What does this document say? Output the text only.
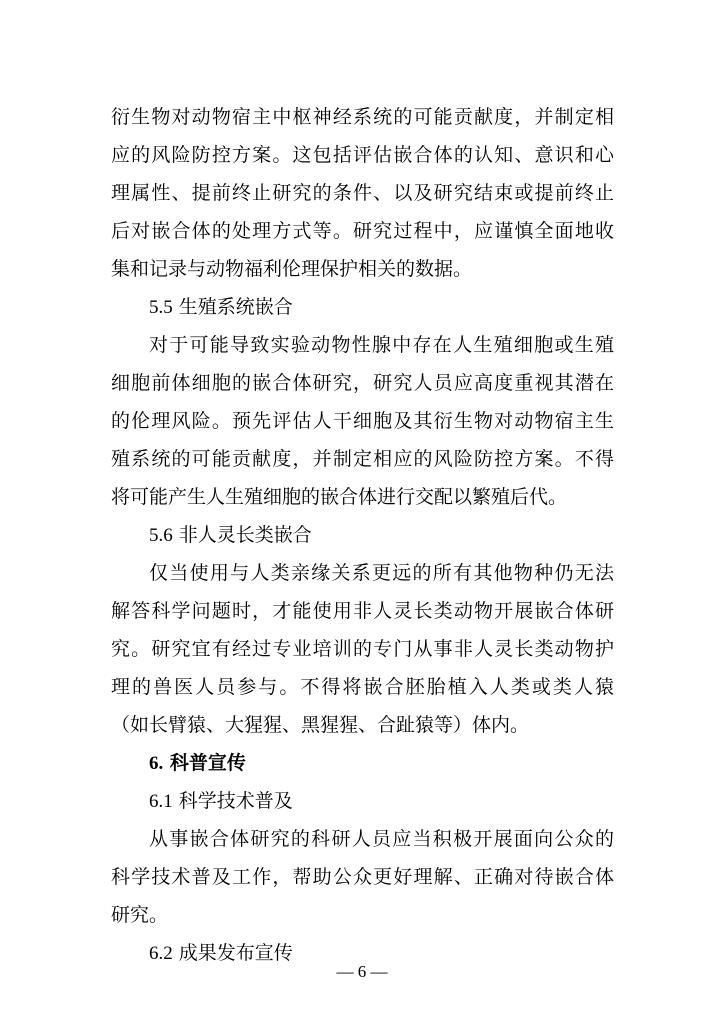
衍生物对动物宿主中枢神经系统的可能贡献度，并制定相
应的风险防控方案。这包括评估嵌合体的认知、意识和心
理属性、提前终止研究的条件、以及研究结束或提前终止
后对嵌合体的处理方式等。研究过程中，应谨慎全面地收
集和记录与动物福利伦理保护相关的数据。
5.5 生殖系统嵌合
对于可能导致实验动物性腺中存在人生殖细胞或生殖
细胞前体细胞的嵌合体研究，研究人员应高度重视其潜在
的伦理风险。预先评估人干细胞及其衍生物对动物宿主生
殖系统的可能贡献度，并制定相应的风险防控方案。不得
将可能产生人生殖细胞的嵌合体进行交配以繁殖后代。
5.6 非人灵长类嵌合
仅当使用与人类亲缘关系更远的所有其他物种仍无法
解答科学问题时，才能使用非人灵长类动物开展嵌合体研
究。研究宜有经过专业培训的专门从事非人灵长类动物护
理的兽医人员参与。不得将嵌合胚胎植入人类或类人猿
（如长臂猿、大猩猩、黑猩猩、合趾猿等）体内。
6. 科普宣传
6.1 科学技术普及
从事嵌合体研究的科研人员应当积极开展面向公众的
科学技术普及工作，帮助公众更好理解、正确对待嵌合体
研究。
6.2 成果发布宣传
— 6 —
